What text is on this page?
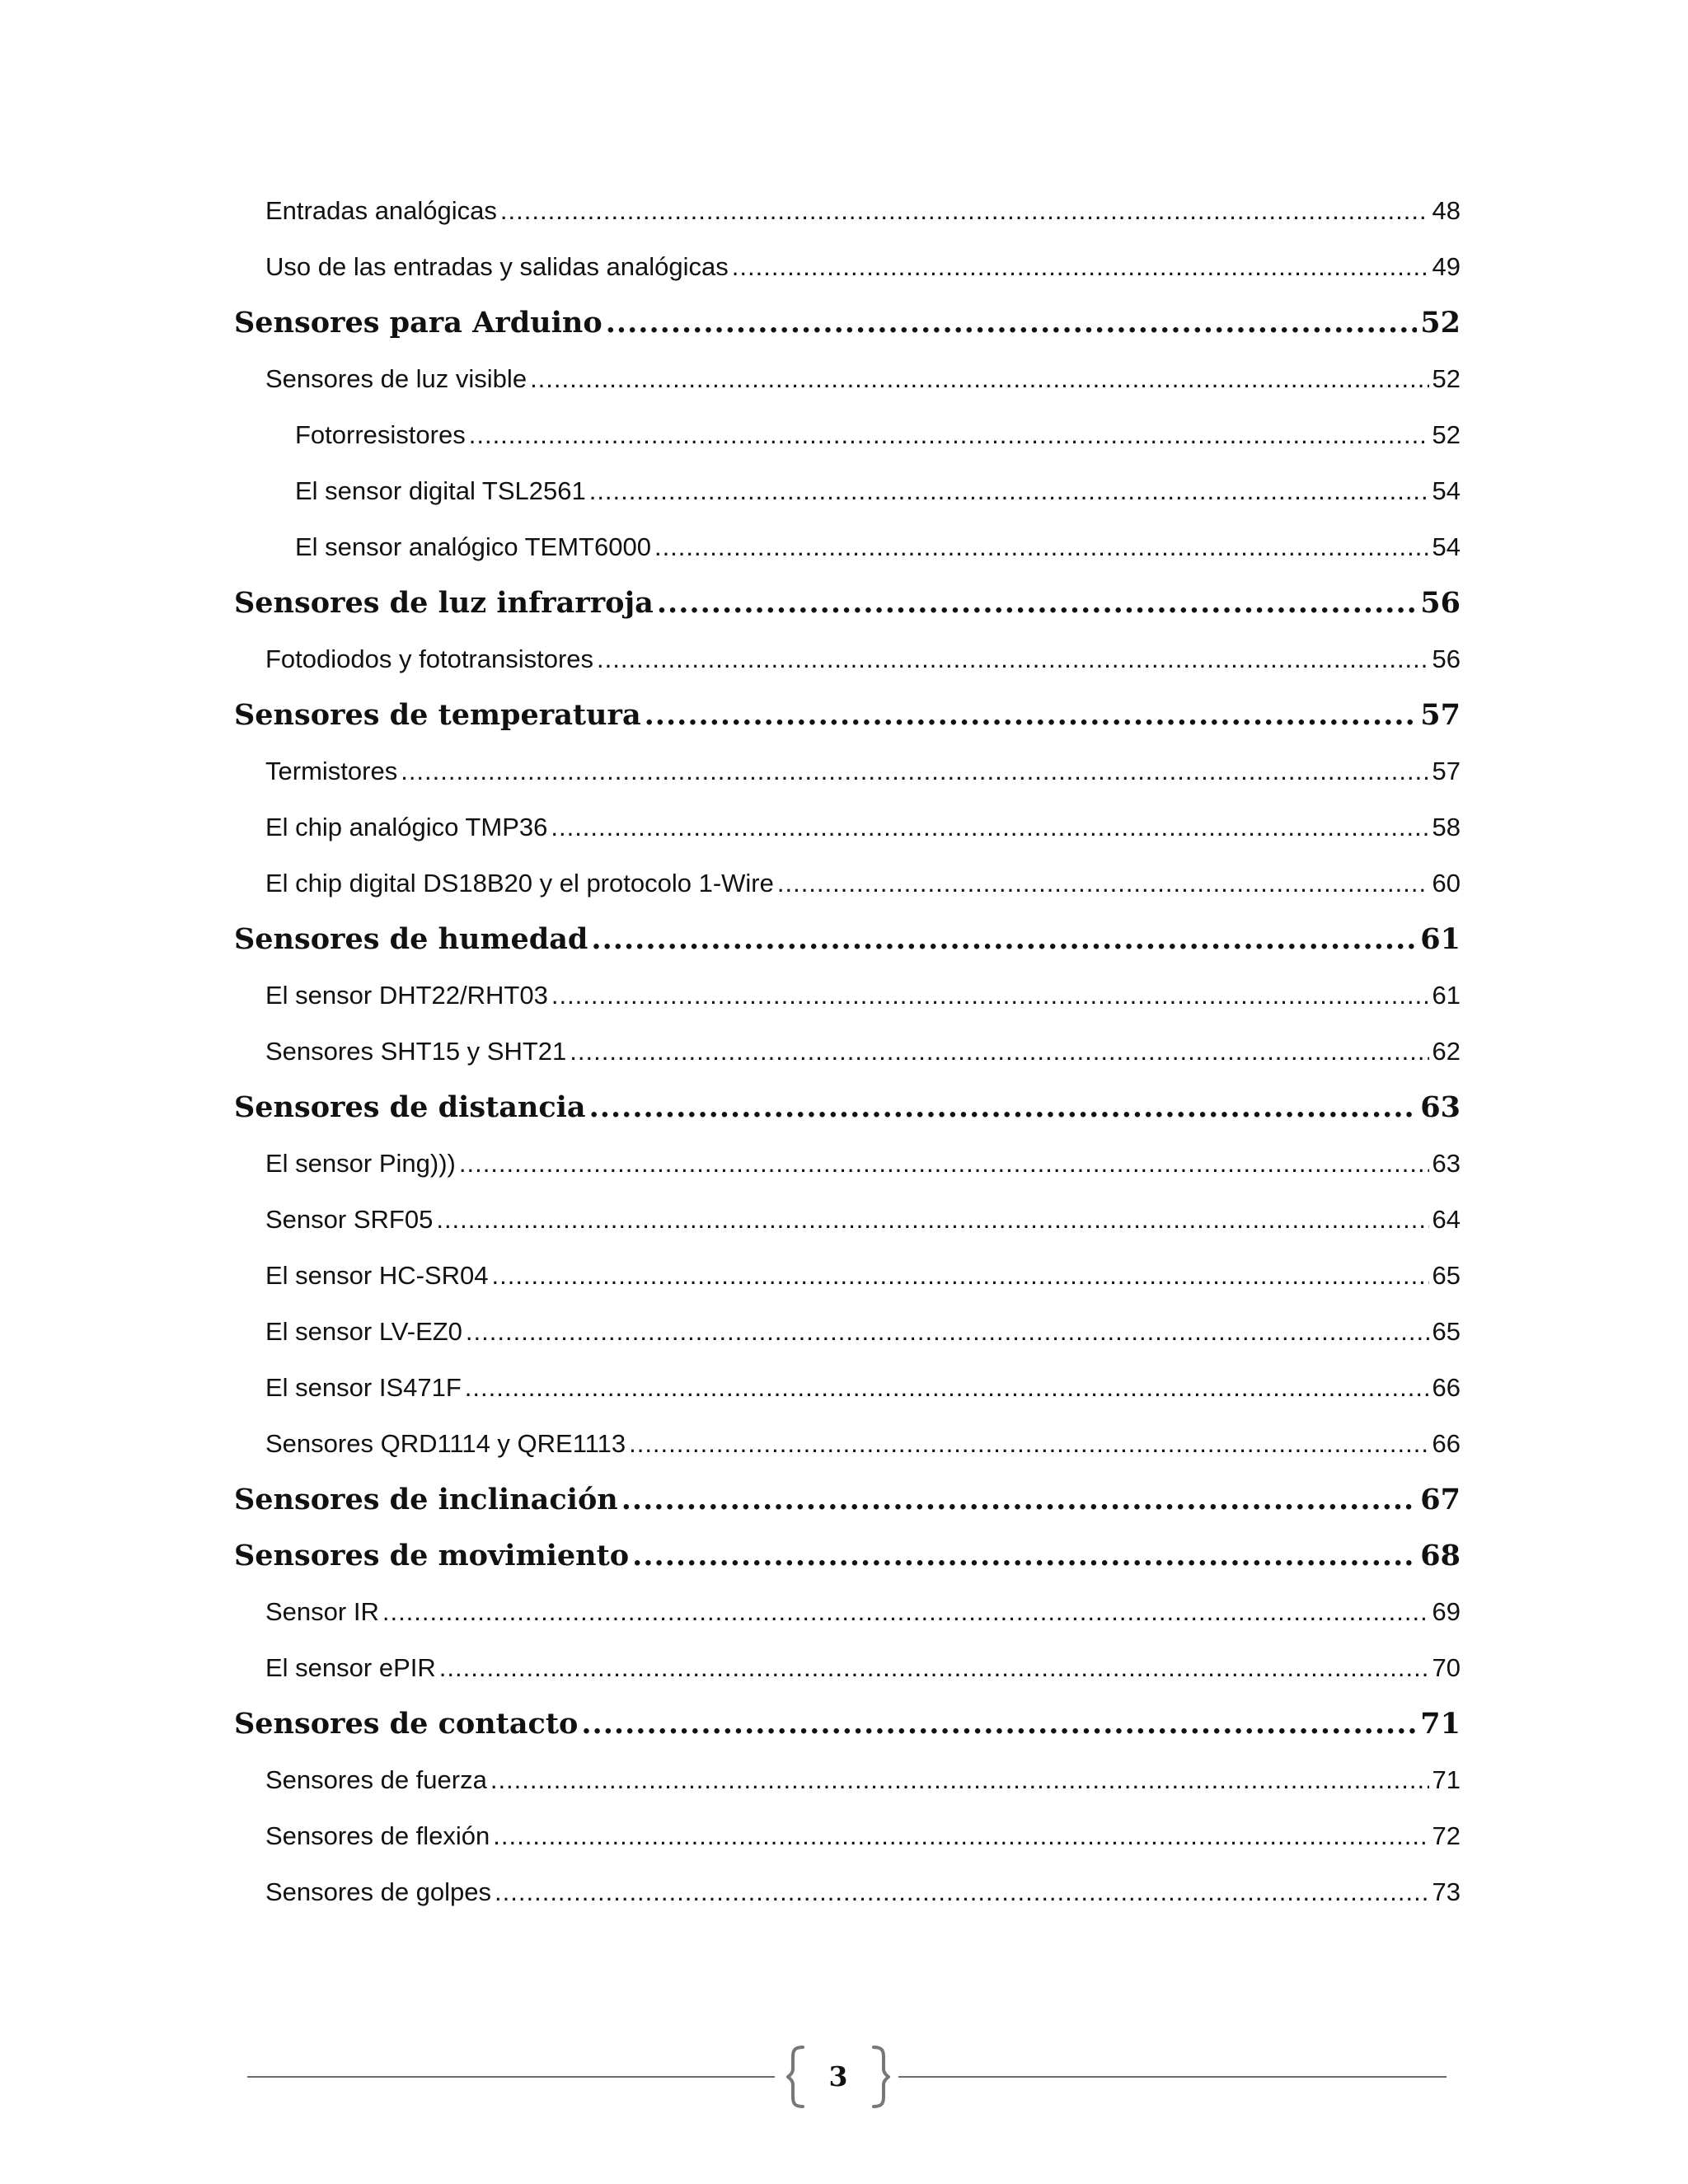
Entradas analógicas .....	48
Uso de las entradas y salidas analógicas .....	49
Sensores para Arduino .....	52
Sensores de luz visible .....	52
Fotorresistores .....	52
El sensor digital TSL2561 .....	54
El sensor analógico TEMT6000 .....	54
Sensores de luz infrarroja .....	56
Fotodiodos y fototransistores .....	56
Sensores de temperatura .....	57
Termistores .....	57
El chip analógico TMP36 .....	58
El chip digital DS18B20 y el protocolo 1-Wire .....	60
Sensores de humedad .....	61
El sensor DHT22/RHT03 .....	61
Sensores SHT15 y SHT21 .....	62
Sensores de distancia .....	63
El sensor Ping))) .....	63
Sensor SRF05 .....	64
El sensor HC-SR04 .....	65
El sensor LV-EZ0 .....	65
El sensor IS471F .....	66
Sensores QRD1114 y QRE1113 .....	66
Sensores de inclinación .....	67
Sensores de movimiento .....	68
Sensor IR .....	69
El sensor ePIR .....	70
Sensores de contacto .....	71
Sensores de fuerza .....	71
Sensores de flexión .....	72
Sensores de golpes .....	73
3
